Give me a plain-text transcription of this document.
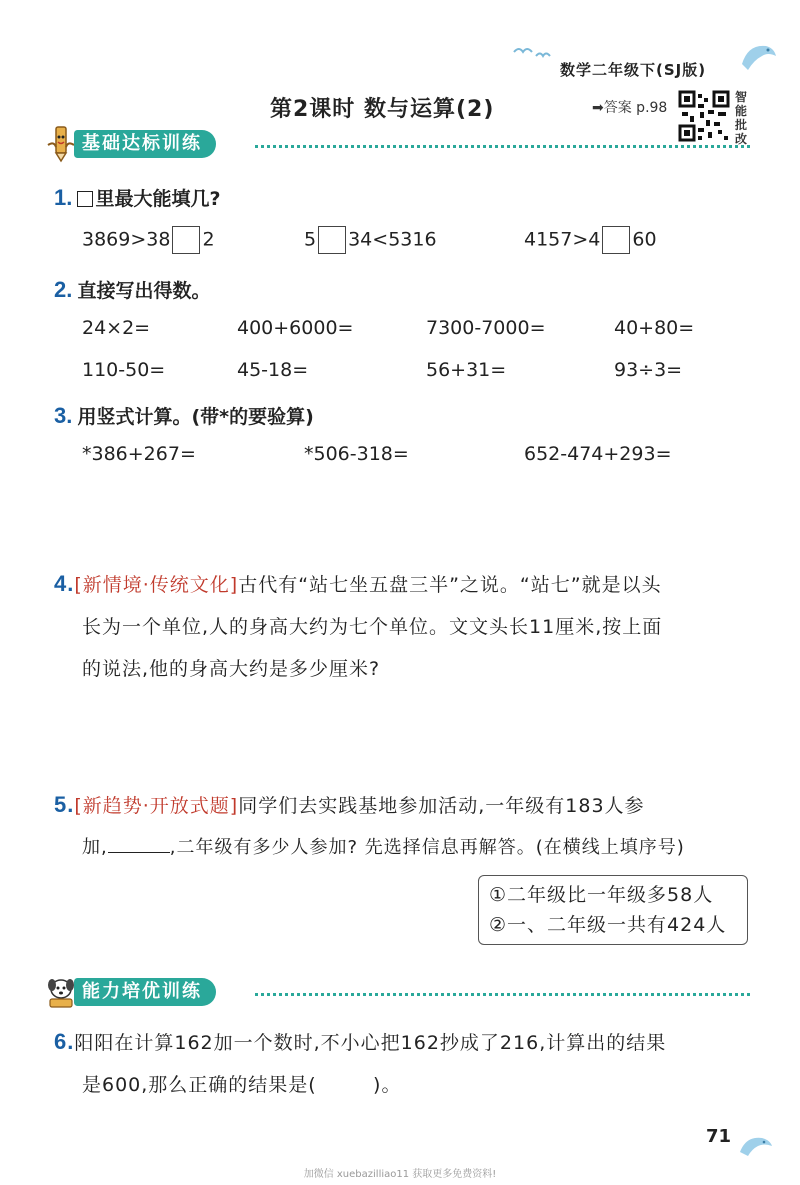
数学二年级下(SJ版)
第2课时 数与运算(2)	➡答案 p.98
智能批改
基础达标训练
1. 里最大能填几?
3869>38 2	5 34<5316	4157>4 60
2. 直接写出得数。
24×2=	400+6000=	7300-7000=	40+80=
110-50=	45-18=	56+31=	93÷3=
3. 用竖式计算。(带*的要验算)
*386+267=	*506-318=	652-474+293=
4.[新情境·传统文化]古代有“站七坐五盘三半”之说。“站七”就是以头
长为一个单位,人的身高大约为七个单位。文文头长11厘米,按上面
的说法,他的身高大约是多少厘米?
5.[新趋势·开放式题]同学们去实践基地参加活动,一年级有183人参
加,	,二年级有多少人参加? 先选择信息再解答。(在横线上填序号)
①二年级比一年级多58人
②一、二年级一共有424人
能力培优训练
6.阳阳在计算162加一个数时,不小心把162抄成了216,计算出的结果
是600,那么正确的结果是(        )。
71
加微信 xuebazilliao11 获取更多免费资料!
